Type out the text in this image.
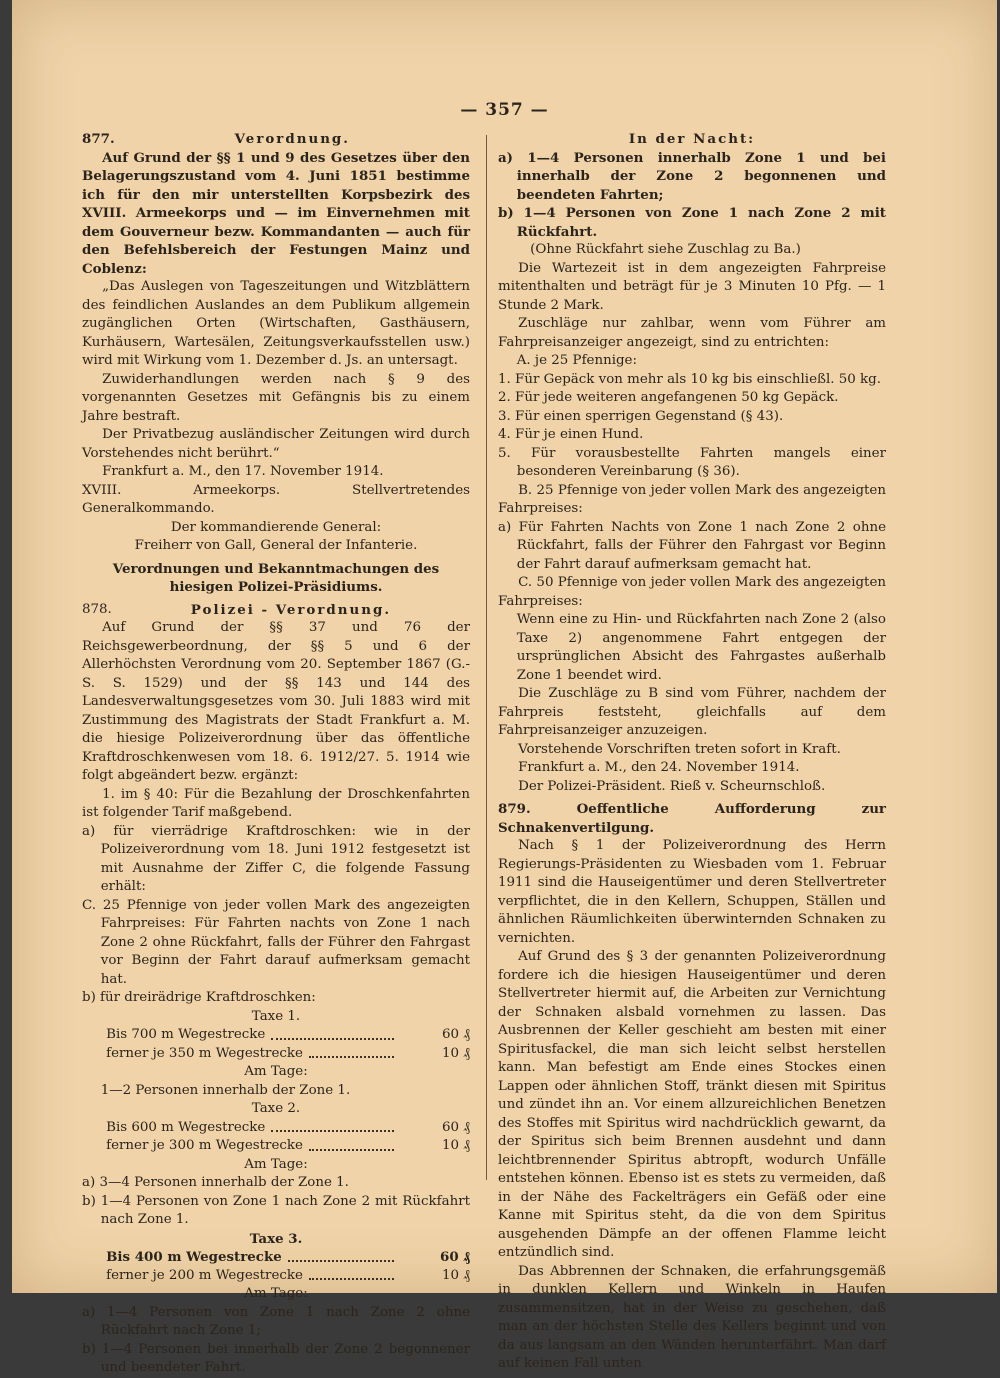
— 357 —
877.	Verordnung.

Auf Grund der §§ 1 und 9 des Gesetzes über den Belagerungszustand vom 4. Juni 1851 bestimme ich für den mir unterstellten Korpsbezirk des XVIII. Armeekorps und — im Einvernehmen mit dem Gouverneur bezw. Kommandanten — auch für den Befehlsbereich der Festungen Mainz und Coblenz:

„Das Auslegen von Tageszeitungen und Witzblättern des feindlichen Auslandes an dem Publikum allgemein zugänglichen Orten (Wirtschaften, Gasthäusern, Kurhäusern, Wartesälen, Zeitungsverkaufsstellen usw.) wird mit Wirkung vom 1. Dezember d. Js. an untersagt.

Zuwiderhandlungen werden nach § 9 des vorgenannten Gesetzes mit Gefängnis bis zu einem Jahre bestraft.

Der Privatbezug ausländischer Zeitungen wird durch Vorstehendes nicht berührt.“

Frankfurt a. M., den 17. November 1914.

XVIII. Armeekorps. Stellvertretendes Generalkommando.

Der kommandierende General:

Freiherr von Gall, General der Infanterie.

Verordnungen und Bekanntmachungen des hiesigen Polizei-Präsidiums.

878.	Polizei - Verordnung.

Auf Grund der §§ 37 und 76 der Reichsgewerbeordnung, der §§ 5 und 6 der Allerhöchsten Verordnung vom 20. September 1867 (G.-S. S. 1529) und der §§ 143 und 144 des Landesverwaltungsgesetzes vom 30. Juli 1883 wird mit Zustimmung des Magistrats der Stadt Frankfurt a. M. die hiesige Polizeiverordnung über das öffentliche Kraftdroschkenwesen vom 18. 6. 1912/27. 5. 1914 wie folgt abgeändert bezw. ergänzt:

1. im § 40: Für die Bezahlung der Droschkenfahrten ist folgender Tarif maßgebend.

a) für vierrädrige Kraftdroschken: wie in der Polizeiverordnung vom 18. Juni 1912 festgesetzt ist mit Ausnahme der Ziffer C, die folgende Fassung erhält:

C. 25 Pfennige von jeder vollen Mark des angezeigten Fahrpreises: Für Fahrten nachts von Zone 1 nach Zone 2 ohne Rückfahrt, falls der Führer den Fahrgast vor Beginn der Fahrt darauf aufmerksam gemacht hat.

b) für dreirädrige Kraftdroschken:

Taxe 1.

Bis 700 m Wegestrecke	60 ₰
ferner je 350 m Wegestrecke	10 ₰

Am Tage:

1—2 Personen innerhalb der Zone 1.

Taxe 2.

Bis 600 m Wegestrecke	60 ₰
ferner je 300 m Wegestrecke	10 ₰

Am Tage:

a) 3—4 Personen innerhalb der Zone 1.

b) 1—4 Personen von Zone 1 nach Zone 2 mit Rückfahrt nach Zone 1.

Taxe 3.

Bis 400 m Wegestrecke	60 ₰
ferner je 200 m Wegestrecke	10 ₰

Am Tage:

a) 1—4 Personen von Zone 1 nach Zone 2 ohne Rückfahrt nach Zone 1;

b) 1—4 Personen bei innerhalb der Zone 2 begonnener und beendeter Fahrt.

In der Nacht:

a) 1—4 Personen innerhalb Zone 1 und bei innerhalb der Zone 2 begonnenen und beendeten Fahrten;

b) 1—4 Personen von Zone 1 nach Zone 2 mit Rückfahrt.

(Ohne Rückfahrt siehe Zuschlag zu Ba.)

Die Wartezeit ist in dem angezeigten Fahrpreise mitenthalten und beträgt für je 3 Minuten 10 Pfg. — 1 Stunde 2 Mark.

Zuschläge nur zahlbar, wenn vom Führer am Fahrpreisanzeiger angezeigt, sind zu entrichten:

A. je 25 Pfennige:

1. Für Gepäck von mehr als 10 kg bis einschließl. 50 kg.

2. Für jede weiteren angefangenen 50 kg Gepäck.

3. Für einen sperrigen Gegenstand (§ 43).

4. Für je einen Hund.

5. Für vorausbestellte Fahrten mangels einer besonderen Vereinbarung (§ 36).

B. 25 Pfennige von jeder vollen Mark des angezeigten Fahrpreises:

a) Für Fahrten Nachts von Zone 1 nach Zone 2 ohne Rückfahrt, falls der Führer den Fahrgast vor Beginn der Fahrt darauf aufmerksam gemacht hat.

C. 50 Pfennige von jeder vollen Mark des angezeigten Fahrpreises:

Wenn eine zu Hin- und Rückfahrten nach Zone 2 (also Taxe 2) angenommene Fahrt entgegen der ursprünglichen Absicht des Fahrgastes außerhalb Zone 1 beendet wird.

Die Zuschläge zu B sind vom Führer, nachdem der Fahrpreis feststeht, gleichfalls auf dem Fahrpreisanzeiger anzuzeigen.

Vorstehende Vorschriften treten sofort in Kraft.

Frankfurt a. M., den 24. November 1914.

Der Polizei-Präsident. Rieß v. Scheurnschloß.

879.	Oeffentliche Aufforderung zur Schnakenvertilgung.

Nach § 1 der Polizeiverordnung des Herrn Regierungs-Präsidenten zu Wiesbaden vom 1. Februar 1911 sind die Hauseigentümer und deren Stellvertreter verpflichtet, die in den Kellern, Schuppen, Ställen und ähnlichen Räumlichkeiten überwinternden Schnaken zu vernichten.

Auf Grund des § 3 der genannten Polizeiverordnung fordere ich die hiesigen Hauseigentümer und deren Stellvertreter hiermit auf, die Arbeiten zur Vernichtung der Schnaken alsbald vornehmen zu lassen. Das Ausbrennen der Keller geschieht am besten mit einer Spiritusfackel, die man sich leicht selbst herstellen kann. Man befestigt am Ende eines Stockes einen Lappen oder ähnlichen Stoff, tränkt diesen mit Spiritus und zündet ihn an. Vor einem allzureichlichen Benetzen des Stoffes mit Spiritus wird nachdrücklich gewarnt, da der Spiritus sich beim Brennen ausdehnt und dann leichtbrennender Spiritus abtropft, wodurch Unfälle entstehen können. Ebenso ist es stets zu vermeiden, daß in der Nähe des Fackelträgers ein Gefäß oder eine Kanne mit Spiritus steht, da die von dem Spiritus ausgehenden Dämpfe an der offenen Flamme leicht entzündlich sind.

Das Abbrennen der Schnaken, die erfahrungsgemäß in dunklen Kellern und Winkeln in Haufen zusammensitzen, hat in der Weise zu geschehen, daß man an der höchsten Stelle des Kellers beginnt und von da aus langsam an den Wänden herunterfährt. Man darf auf keinen Fall unten
